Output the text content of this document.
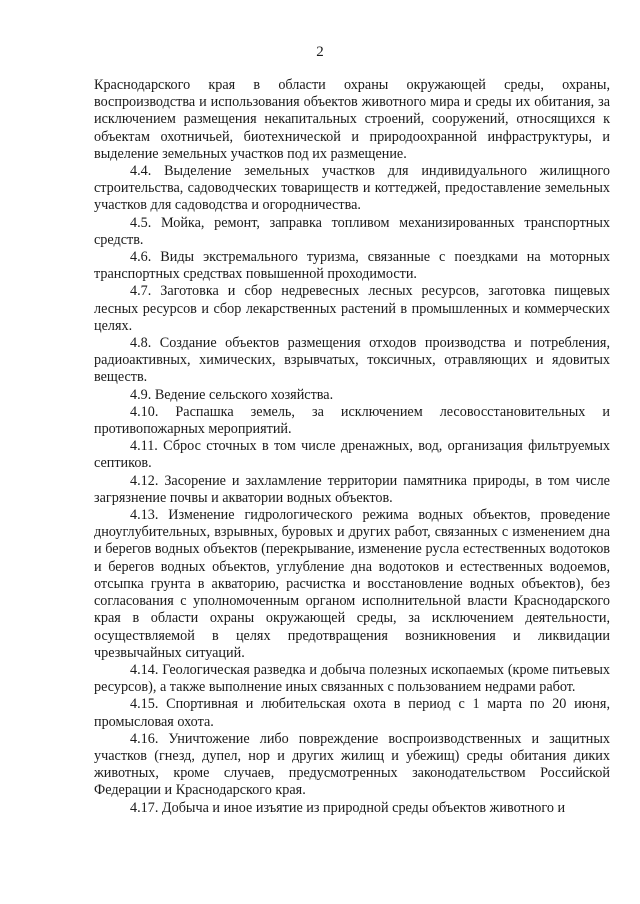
2

Краснодарского края в области охраны окружающей среды, охраны, воспроизводства и использования объектов животного мира и среды их обитания, за исключением размещения некапитальных строений, сооружений, относящихся к объектам охотничьей, биотехнической и природоохранной инфраструктуры, и выделение земельных участков под их размещение.

4.4. Выделение земельных участков для индивидуального жилищного строительства, садоводческих товариществ и коттеджей, предоставление земельных участков для садоводства и огородничества.

4.5. Мойка, ремонт, заправка топливом механизированных транспортных средств.

4.6. Виды экстремального туризма, связанные с поездками на моторных транспортных средствах повышенной проходимости.

4.7. Заготовка и сбор недревесных лесных ресурсов, заготовка пищевых лесных ресурсов и сбор лекарственных растений в промышленных и коммерческих целях.

4.8. Создание объектов размещения отходов производства и потребления, радиоактивных, химических, взрывчатых, токсичных, отравляющих и ядовитых веществ.

4.9. Ведение сельского хозяйства.

4.10. Распашка земель, за исключением лесовосстановительных и противопожарных мероприятий.

4.11. Сброс сточных в том числе дренажных, вод, организация фильтруемых септиков.

4.12. Засорение и захламление территории памятника природы, в том числе загрязнение почвы и акватории водных объектов.

4.13. Изменение гидрологического режима водных объектов, проведение дноуглубительных, взрывных, буровых и других работ, связанных с изменением дна и берегов водных объектов (перекрывание, изменение русла естественных водотоков и берегов водных объектов, углубление дна водотоков и естественных водоемов, отсыпка грунта в акваторию, расчистка и восстановление водных объектов), без согласования с уполномоченным органом исполнительной власти Краснодарского края в области охраны окружающей среды, за исключением деятельности, осуществляемой в целях предотвращения возникновения и ликвидации чрезвычайных ситуаций.

4.14. Геологическая разведка и добыча полезных ископаемых (кроме питьевых ресурсов), а также выполнение иных связанных с пользованием недрами работ.

4.15. Спортивная и любительская охота в период с 1 марта по 20 июня, промысловая охота.

4.16. Уничтожение либо повреждение воспроизводственных и защитных участков (гнезд, дупел, нор и других жилищ и убежищ) среды обитания диких животных, кроме случаев, предусмотренных законодательством Российской Федерации и Краснодарского края.

4.17. Добыча и иное изъятие из природной среды объектов животного и
